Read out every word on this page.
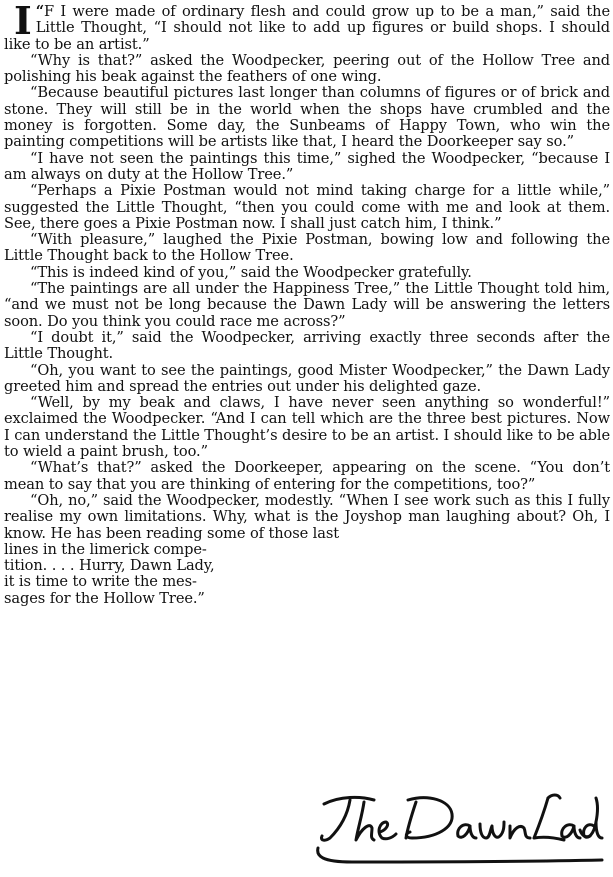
“
I F I were made of ordinary flesh and could grow up to be a man,” said the Little Thought, “I should not like to add up figures or build shops. I should like to be an artist.”

“Why is that?” asked the Woodpecker, peering out of the Hollow Tree and polishing his beak against the feathers of one wing.

“Because beautiful pictures last longer than columns of figures or of brick and stone. They will still be in the world when the shops have crumbled and the money is forgotten. Some day, the Sunbeams of Happy Town, who win the painting competitions will be artists like that, I heard the Doorkeeper say so.”

“I have not seen the paintings this time,” sighed the Woodpecker, “because I am always on duty at the Hollow Tree.”

“Perhaps a Pixie Postman would not mind taking charge for a little while,” suggested the Little Thought, “then you could come with me and look at them. See, there goes a Pixie Postman now. I shall just catch him, I think.”

“With pleasure,” laughed the Pixie Postman, bowing low and following the Little Thought back to the Hollow Tree.

“This is indeed kind of you,” said the Woodpecker gratefully.

“The paintings are all under the Happiness Tree,” the Little Thought told him, “and we must not be long because the Dawn Lady will be answering the letters soon. Do you think you could race me across?”

“I doubt it,” said the Woodpecker, arriving exactly three seconds after the Little Thought.

“Oh, you want to see the paintings, good Mister Woodpecker,” the Dawn Lady greeted him and spread the entries out under his delighted gaze.

“Well, by my beak and claws, I have never seen anything so wonderful!” exclaimed the Woodpecker. “And I can tell which are the three best pictures. Now I can understand the Little Thought’s desire to be an artist. I should like to be able to wield a paint brush, too.”

“What’s that?” asked the Doorkeeper, appearing on the scene. “You don’t mean to say that you are thinking of entering for the competitions, too?”

“Oh, no,” said the Woodpecker, modestly. “When I see work such as this I fully realise my own limitations. Why, what is the Joyshop man laughing about? Oh, I know. He has been reading some of those last

lines in the limerick compe-

tition. . . . Hurry, Dawn Lady,

it is time to write the mes-

sages for the Hollow Tree.”
